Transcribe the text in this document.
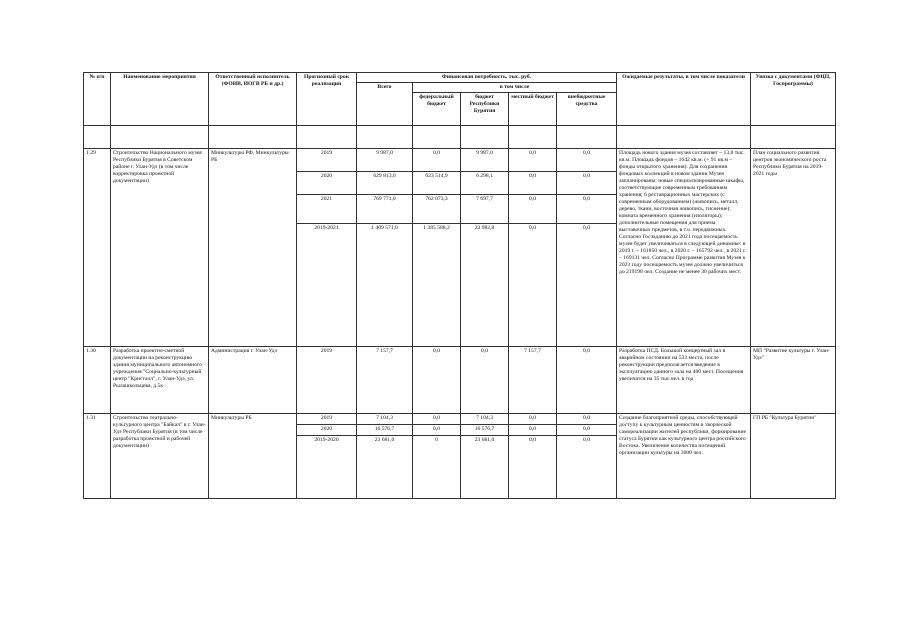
№ п/п	Наименование мероприятия	Ответственный исполнитель (ФОИВ, ИОГВ РБ и др.)	Прогнозный срок реализации	Финансовая потребность, тыс. руб.					Ожидаемые результаты, в том числе показатели	Увязка с документами (ФЦП, Госпрограммы)
				Всего	в том числе					
					федеральный бюджет	бюджет Республики Бурятия	местный бюджет	внебюджетные средства		

1.29	Строительство Национального музея Республики Бурятия в Советском районе г. Улан-Удэ (в том числе корректировка проектной документации)	Минкультуры РФ, Минкультуры РБ	2019	9 987,0	0,0	9 987,0	0,0	0,0	Площадь нового здания музея составляет – 13,8 тыс. кв.м. Площадь фондов – 1642 кв.м. (+ 91 кв.м – фонды открытого хранения). Для сохранения фондовых коллекций в новом здании Музея запланированы: новые специализированные шкафы, соответствующие современным требованиям хранения; 6 реставрационных мастерских (с современным оборудованием) (живопись, металл, дерево, ткани, восточная живопись, тиснение); комната временного хранения (изоляторы); дополнительные помещения для приема выставочных предметов, в т.ч. передвижных. Согласно Госзаданию до 2021 года посещаемость музея будет увеличиваться в следующей динамике: в 2019 г. – 161850 чел., в 2020 г. – 165792 чел., в 2021 г. – 169131 чел. Согласно Программе развития Музея к 2023 году посещаемость музея должно увеличиться до 219198 чел. Создание не менее 30 рабочих мест.	План социального развития центров экономического роста Республики Бурятия на 2019-2021 годы
			2020	629 813,0	623 514,9	6 298,1	0,0	0,0		
			2021	769 771,0	762 073,3	7 697,7	0,0	0,0		
			2019-2021	1 409 571,0	1 385 588,2	23 982,8	0,0	0,0		
1.30	Разработка проектно-сметной документации на реконструкцию здания муниципального автономного учреждения "Социально-культурный центр "Кристалл", г. Улан-Удэ, ул. Рылашкольцева, д.5к	Администрация г. Улан-Удэ	2019	7 157,7	0,0	0,0	7 157,7	0,0	Разработка ПСД. Большой концертный зал в аварийном состоянии на 533 места, после реконструкции предполагается введение в эксплуатацию данного зала на 400 мест. Посещения увеличатся на 35 тыс.чел. в год	МП "Развитие культуры г. Улан-Удэ"
1.31	Строительство театрально-культурного центра "Байкал" в г. Улан-Удэ Республики Бурятия (в том числе разработка проектной и рабочей документации)	Минкультуры РБ	2019	7 104,3	0,0	7 104,3	0,0	0,0	Создание благоприятной среды, способствующей доступу к культурным ценностям и творческой самореализации жителей республики, формирование статуса Бурятии как культурного центра российского Востока. Увеличение количества посещений организации культуры на 3000 чел.	ГП РБ "Культура Бурятии"
			2020	16 576,7	0,0	16 576,7	0,0	0,0		
			2019-2020	23 681,0	0	23 681,0	0,0	0,0		
